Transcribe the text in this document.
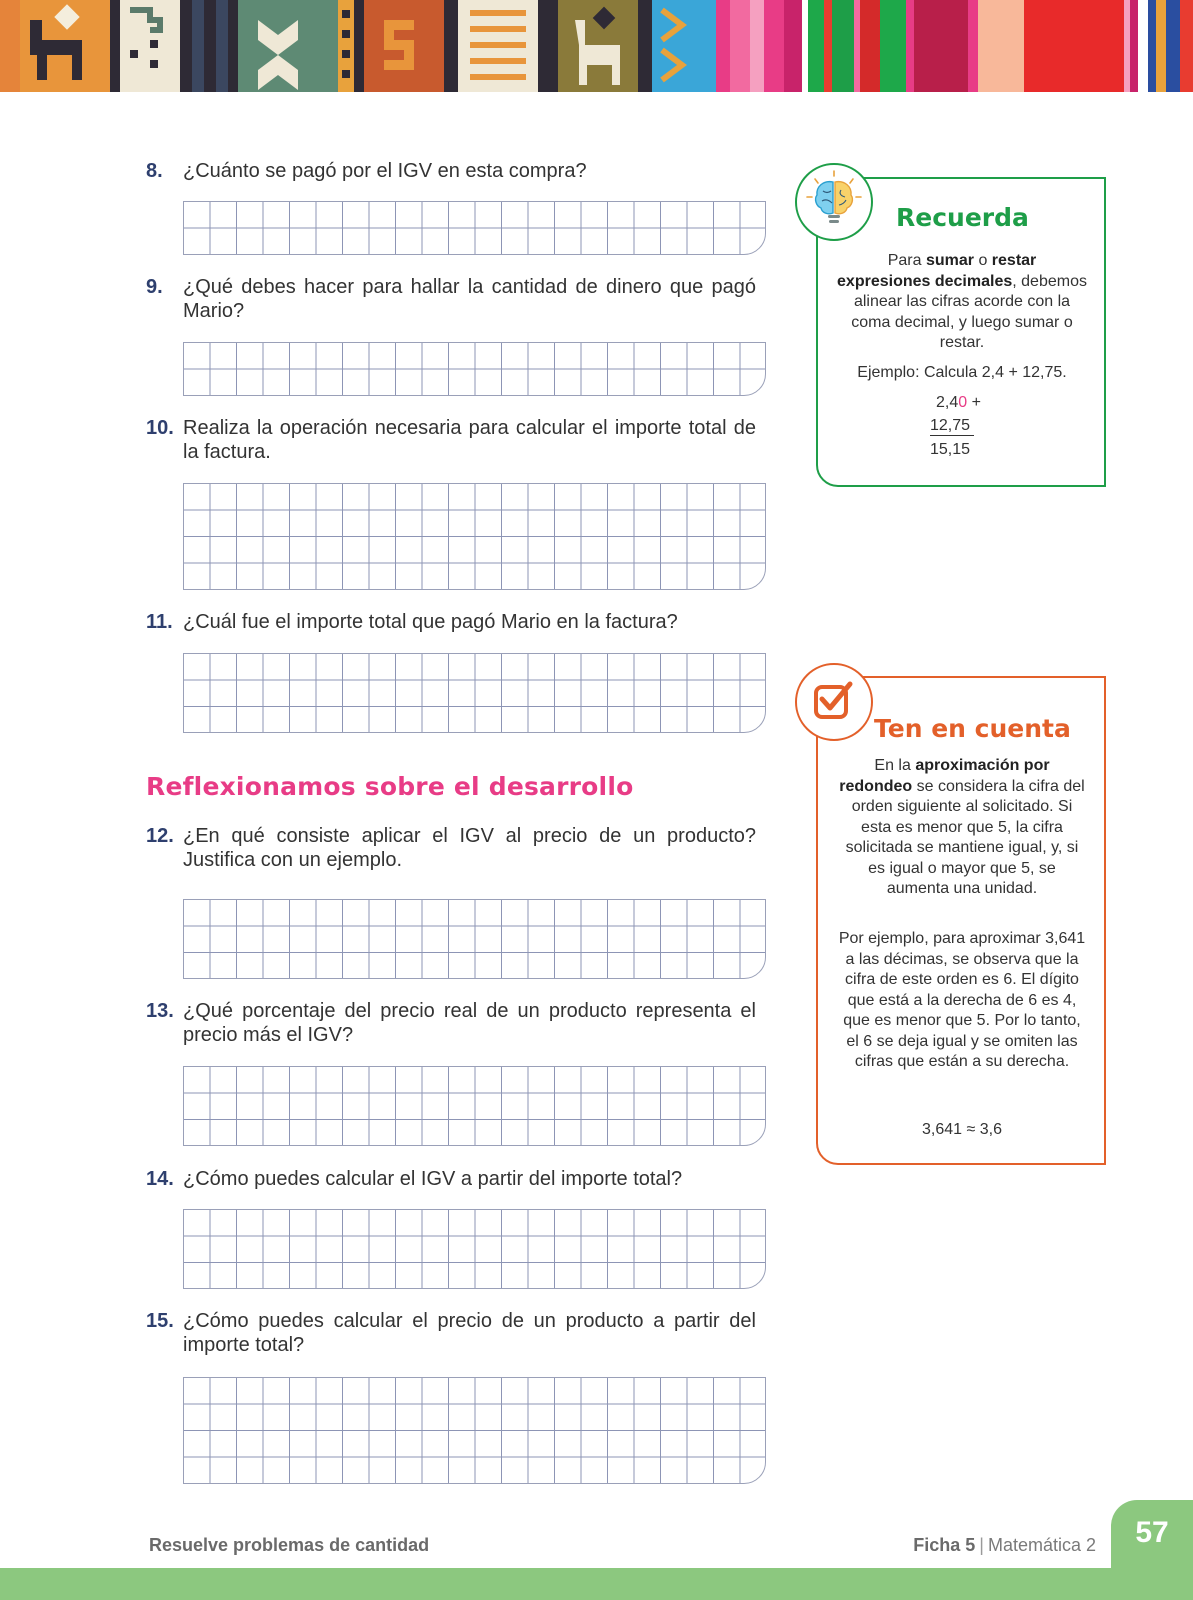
8. ¿Cuánto se pagó por el IGV en esta compra?
9. ¿Qué debes hacer para hallar la cantidad de dinero que pagó Mario?
10. Realiza la operación necesaria para calcular el importe total de la factura.
11. ¿Cuál fue el importe total que pagó Mario en la factura?
Reflexionamos sobre el desarrollo
12. ¿En qué consiste aplicar el IGV al precio de un producto? Justifica con un ejemplo.
13. ¿Qué porcentaje del precio real de un producto representa el precio más el IGV?
14. ¿Cómo puedes calcular el IGV a partir del importe total?
15. ¿Cómo puedes calcular el precio de un producto a partir del importe total?
Recuerda
Para sumar o restar
expresiones decimales, debemos alinear las cifras acorde con la coma decimal, y luego sumar o restar.
Ejemplo: Calcula 2,4 + 12,75.
2,40 +
12,75
15,15
Ten en cuenta
En la aproximación por redondeo se considera la cifra del orden siguiente al solicitado. Si esta es menor que 5, la cifra solicitada se mantiene igual, y, si es igual o mayor que 5, se aumenta una unidad.
Por ejemplo, para aproximar 3,641 a las décimas, se observa que la cifra de este orden es 6. El dígito que está a la derecha de 6 es 4, que es menor que 5. Por lo tanto, el 6 se deja igual y se omiten las cifras que están a su derecha.
3,641 ≈ 3,6
Resuelve problemas de cantidad	Ficha 5 | Matemática 2	57
